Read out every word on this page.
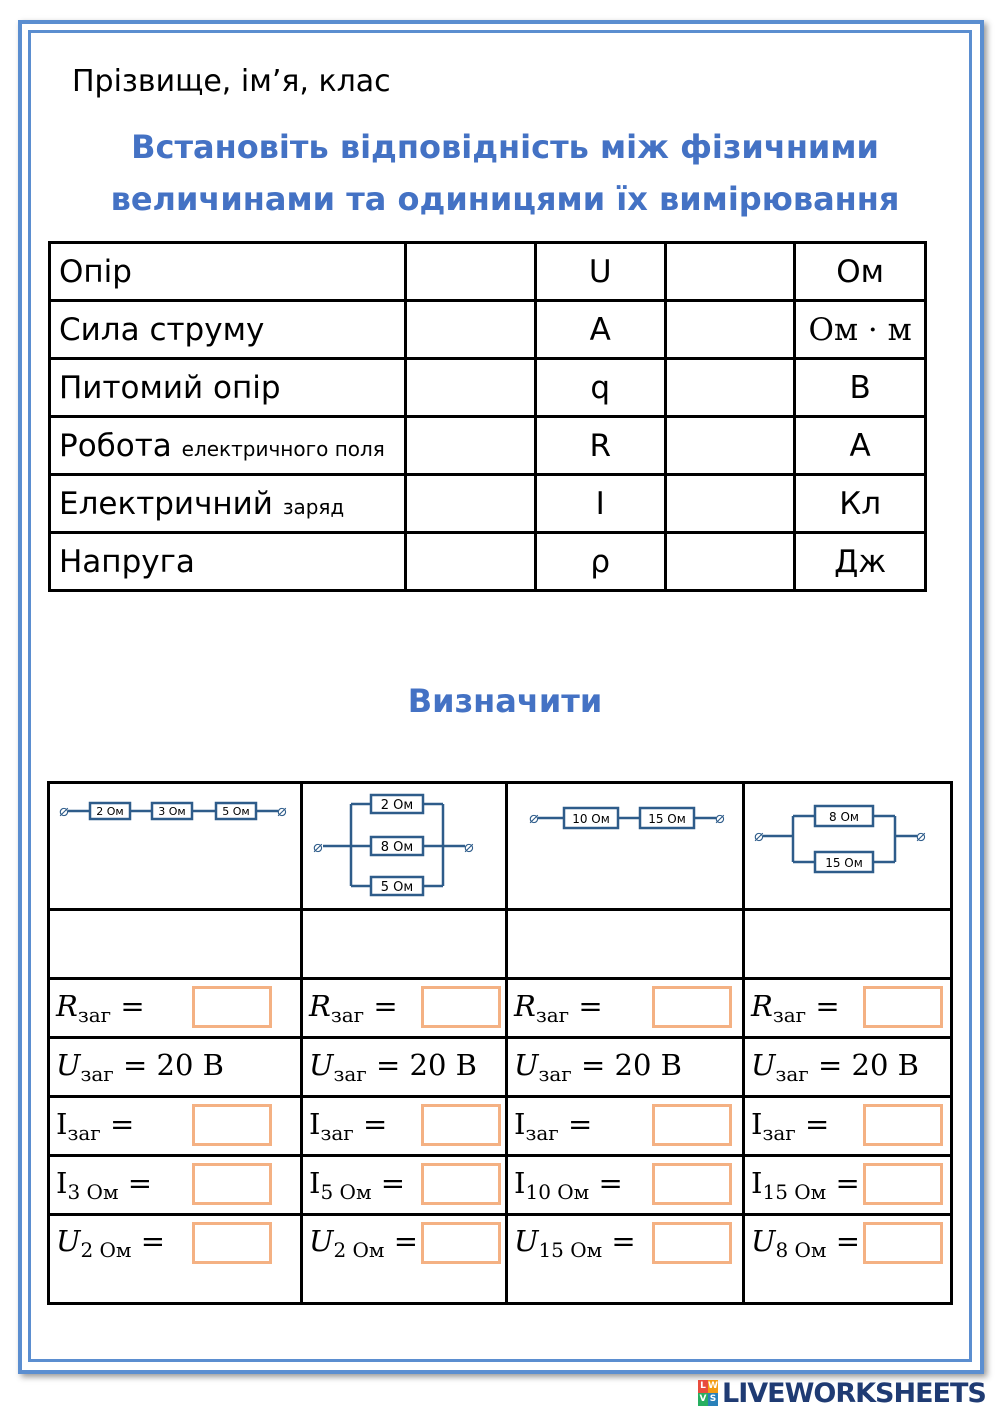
Прізвище, ім’я, клас
Встановіть відповідність між фізичними
величинами та одиницями їх вимірювання
Опір		U		Ом
Сила струму		A		Ом · м
Питомий опір		q		В
Робота електричного поля		R		А
Електричний заряд		I		Кл
Напруга		ρ		Дж
Визначити
⌀ ⌀
2 Ом 3 Ом 5 Ом	⌀ ⌀
2 Ом
8 Ом
5 Ом	⌀ ⌀
10 Ом 15 Ом	⌀ ⌀
8 Ом
15 Ом

$R_{заг}$ =	$R_{заг}$ =	$R_{заг}$ =	$R_{заг}$ =

$U_{заг} = 20$ В	$U_{заг} = 20$ В	$U_{заг} = 20$ В	$U_{заг} = 20$ В
$I_{заг}$ =	$I_{заг}$ =	$I_{заг}$ =	$I_{заг}$ =

$I_{3 Ом}$ =	$I_{5 Ом}$ =	$I_{10 Ом}$ =	$I_{15 Ом}$ =

$U_{2 Ом}$ =	$U_{2 Ом}$ =	$U_{15 Ом}$ =	$U_{8 Ом}$ =
L W
V S LIVEWORKSHEETS
